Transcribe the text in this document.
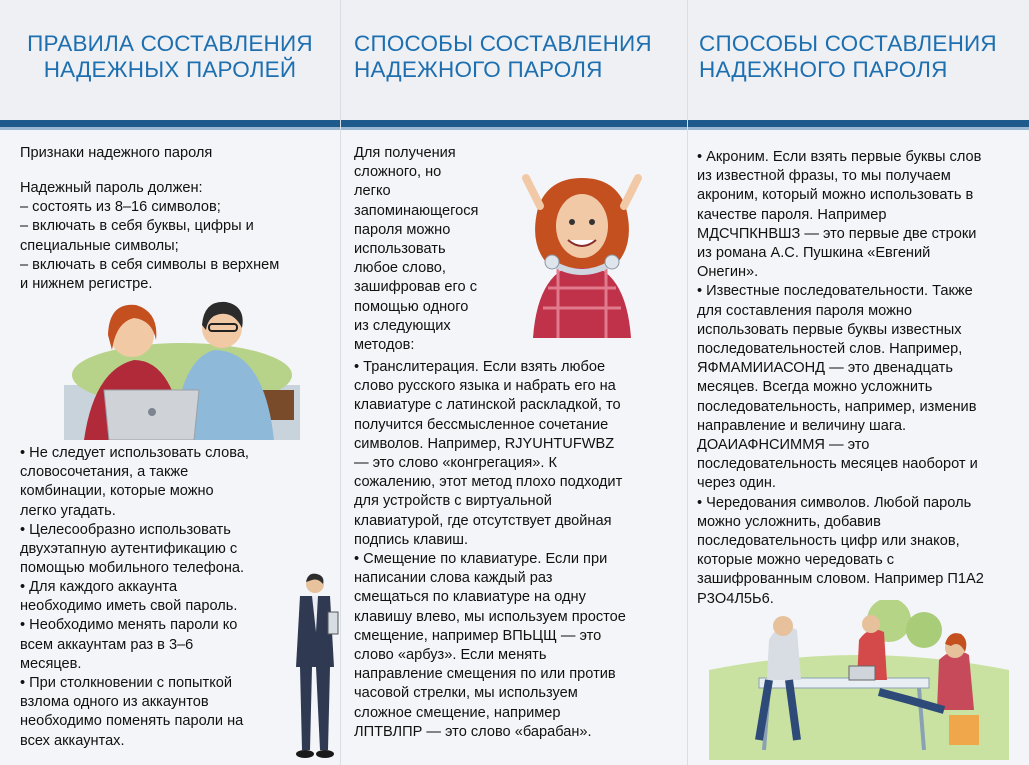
ПРАВИЛА СОСТАВЛЕНИЯ
НАДЕЖНЫХ ПАРОЛЕЙ

Признаки надежного пароля

Надежный пароль должен:
– состоять из 8–16 символов;
– включать в себя буквы, цифры и
специальные символы;
– включать в себя символы в верхнем
и нижнем регистре.

• Не следует использовать слова,
словосочетания, а также
комбинации, которые можно
легко угадать.
• Целесообразно использовать
двухэтапную аутентификацию с
помощью мобильного телефона.

• Для каждого аккаунта
необходимо иметь свой пароль.
• Необходимо менять пароли ко
всем аккаунтам раз в 3–6
месяцев.
• При столкновении с попыткой
взлома одного из аккаунтов
необходимо поменять пароли на
всех аккаунтах.

СПОСОБЫ СОСТАВЛЕНИЯ
НАДЕЖНОГО ПАРОЛЯ

Для получения
сложного, но
легко
запоминающегося
пароля можно
использовать
любое слово,
зашифровав его с
помощью одного
из следующих
методов:

• Транслитерация. Если взять любое
слово русского языка и набрать его на
клавиатуре с латинской раскладкой, то
получится бессмысленное сочетание
символов. Например, RJYUHTUFWBZ
— это слово «конгрегация». К
сожалению, этот метод плохо подходит
для устройств с виртуальной
клавиатурой, где отсутствует двойная
подпись клавиш.
• Смещение по клавиатуре. Если при
написании слова каждый раз
смещаться по клавиатуре на одну
клавишу влево, мы используем простое
смещение, например ВПЬЦЩ — это
слово «арбуз». Если менять
направление смещения по или против
часовой стрелки, мы используем
сложное смещение, например
ЛПТВЛПР — это слово «барабан».

СПОСОБЫ СОСТАВЛЕНИЯ
НАДЕЖНОГО ПАРОЛЯ

• Акроним. Если взять первые буквы слов
из известной фразы, то мы получаем
акроним, который можно использовать в
качестве пароля. Например
МДСЧПКНВШЗ — это первые две строки
из романа А.С. Пушкина «Евгений
Онегин».
• Известные последовательности. Также
для составления пароля можно
использовать первые буквы известных
последовательностей слов. Например,
ЯФМАМИИАСОНД — это двенадцать
месяцев. Всегда можно усложнить
последовательность, например, изменив
направление и величину шага.
ДОАИАФНСИММЯ — это
последовательность месяцев наоборот и
через один.
• Чередования символов. Любой пароль
можно усложнить, добавив
последовательность цифр или знаков,
которые можно чередовать с
зашифрованным словом. Например П1А2
Р3О4Л5Ь6.
